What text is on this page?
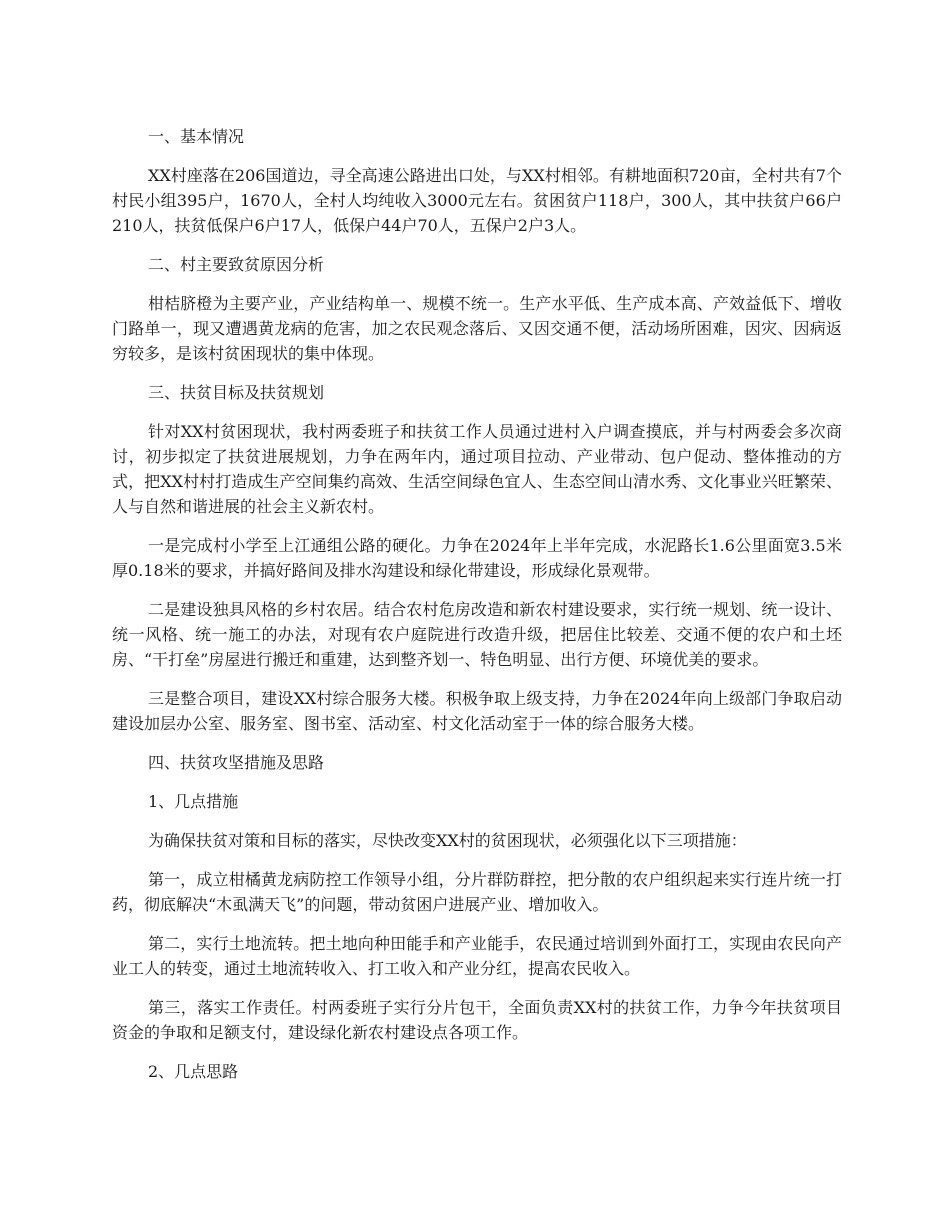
一、基本情况

XX村座落在206国道边，寻全高速公路进出口处，与XX村相邻。有耕地面积720亩，全村共有7个村民小组395户，1670人，全村人均纯收入3000元左右。贫困贫户118户，300人，其中扶贫户66户210人，扶贫低保户6户17人，低保户44户70人，五保户2户3人。

二、村主要致贫原因分析

柑桔脐橙为主要产业，产业结构单一、规模不统一。生产水平低、生产成本高、产效益低下、增收门路单一，现又遭遇黄龙病的危害，加之农民观念落后、又因交通不便，活动场所困难，因灾、因病返穷较多，是该村贫困现状的集中体现。

三、扶贫目标及扶贫规划

针对XX村贫困现状，我村两委班子和扶贫工作人员通过进村入户调查摸底，并与村两委会多次商讨，初步拟定了扶贫进展规划，力争在两年内，通过项目拉动、产业带动、包户促动、整体推动的方式，把XX村村打造成生产空间集约高效、生活空间绿色宜人、生态空间山清水秀、文化事业兴旺繁荣、人与自然和谐进展的社会主义新农村。

一是完成村小学至上江通组公路的硬化。力争在2024年上半年完成，水泥路长1.6公里面宽3.5米厚0.18米的要求，并搞好路间及排水沟建设和绿化带建设，形成绿化景观带。

二是建设独具风格的乡村农居。结合农村危房改造和新农村建设要求，实行统一规划、统一设计、统一风格、统一施工的办法，对现有农户庭院进行改造升级，把居住比较差、交通不便的农户和土坯房、“干打垒”房屋进行搬迁和重建，达到整齐划一、特色明显、出行方便、环境优美的要求。

三是整合项目，建设XX村综合服务大楼。积极争取上级支持，力争在2024年向上级部门争取启动建设加层办公室、服务室、图书室、活动室、村文化活动室于一体的综合服务大楼。

四、扶贫攻坚措施及思路

1、几点措施

为确保扶贫对策和目标的落实，尽快改变XX村的贫困现状，必须强化以下三项措施：

第一，成立柑橘黄龙病防控工作领导小组，分片群防群控，把分散的农户组织起来实行连片统一打药，彻底解决“木虱满天飞”的问题，带动贫困户进展产业、增加收入。

第二，实行土地流转。把土地向种田能手和产业能手，农民通过培训到外面打工，实现由农民向产业工人的转变，通过土地流转收入、打工收入和产业分红，提高农民收入。

第三，落实工作责任。村两委班子实行分片包干，全面负责XX村的扶贫工作，力争今年扶贫项目资金的争取和足额支付，建设绿化新农村建设点各项工作。

2、几点思路
